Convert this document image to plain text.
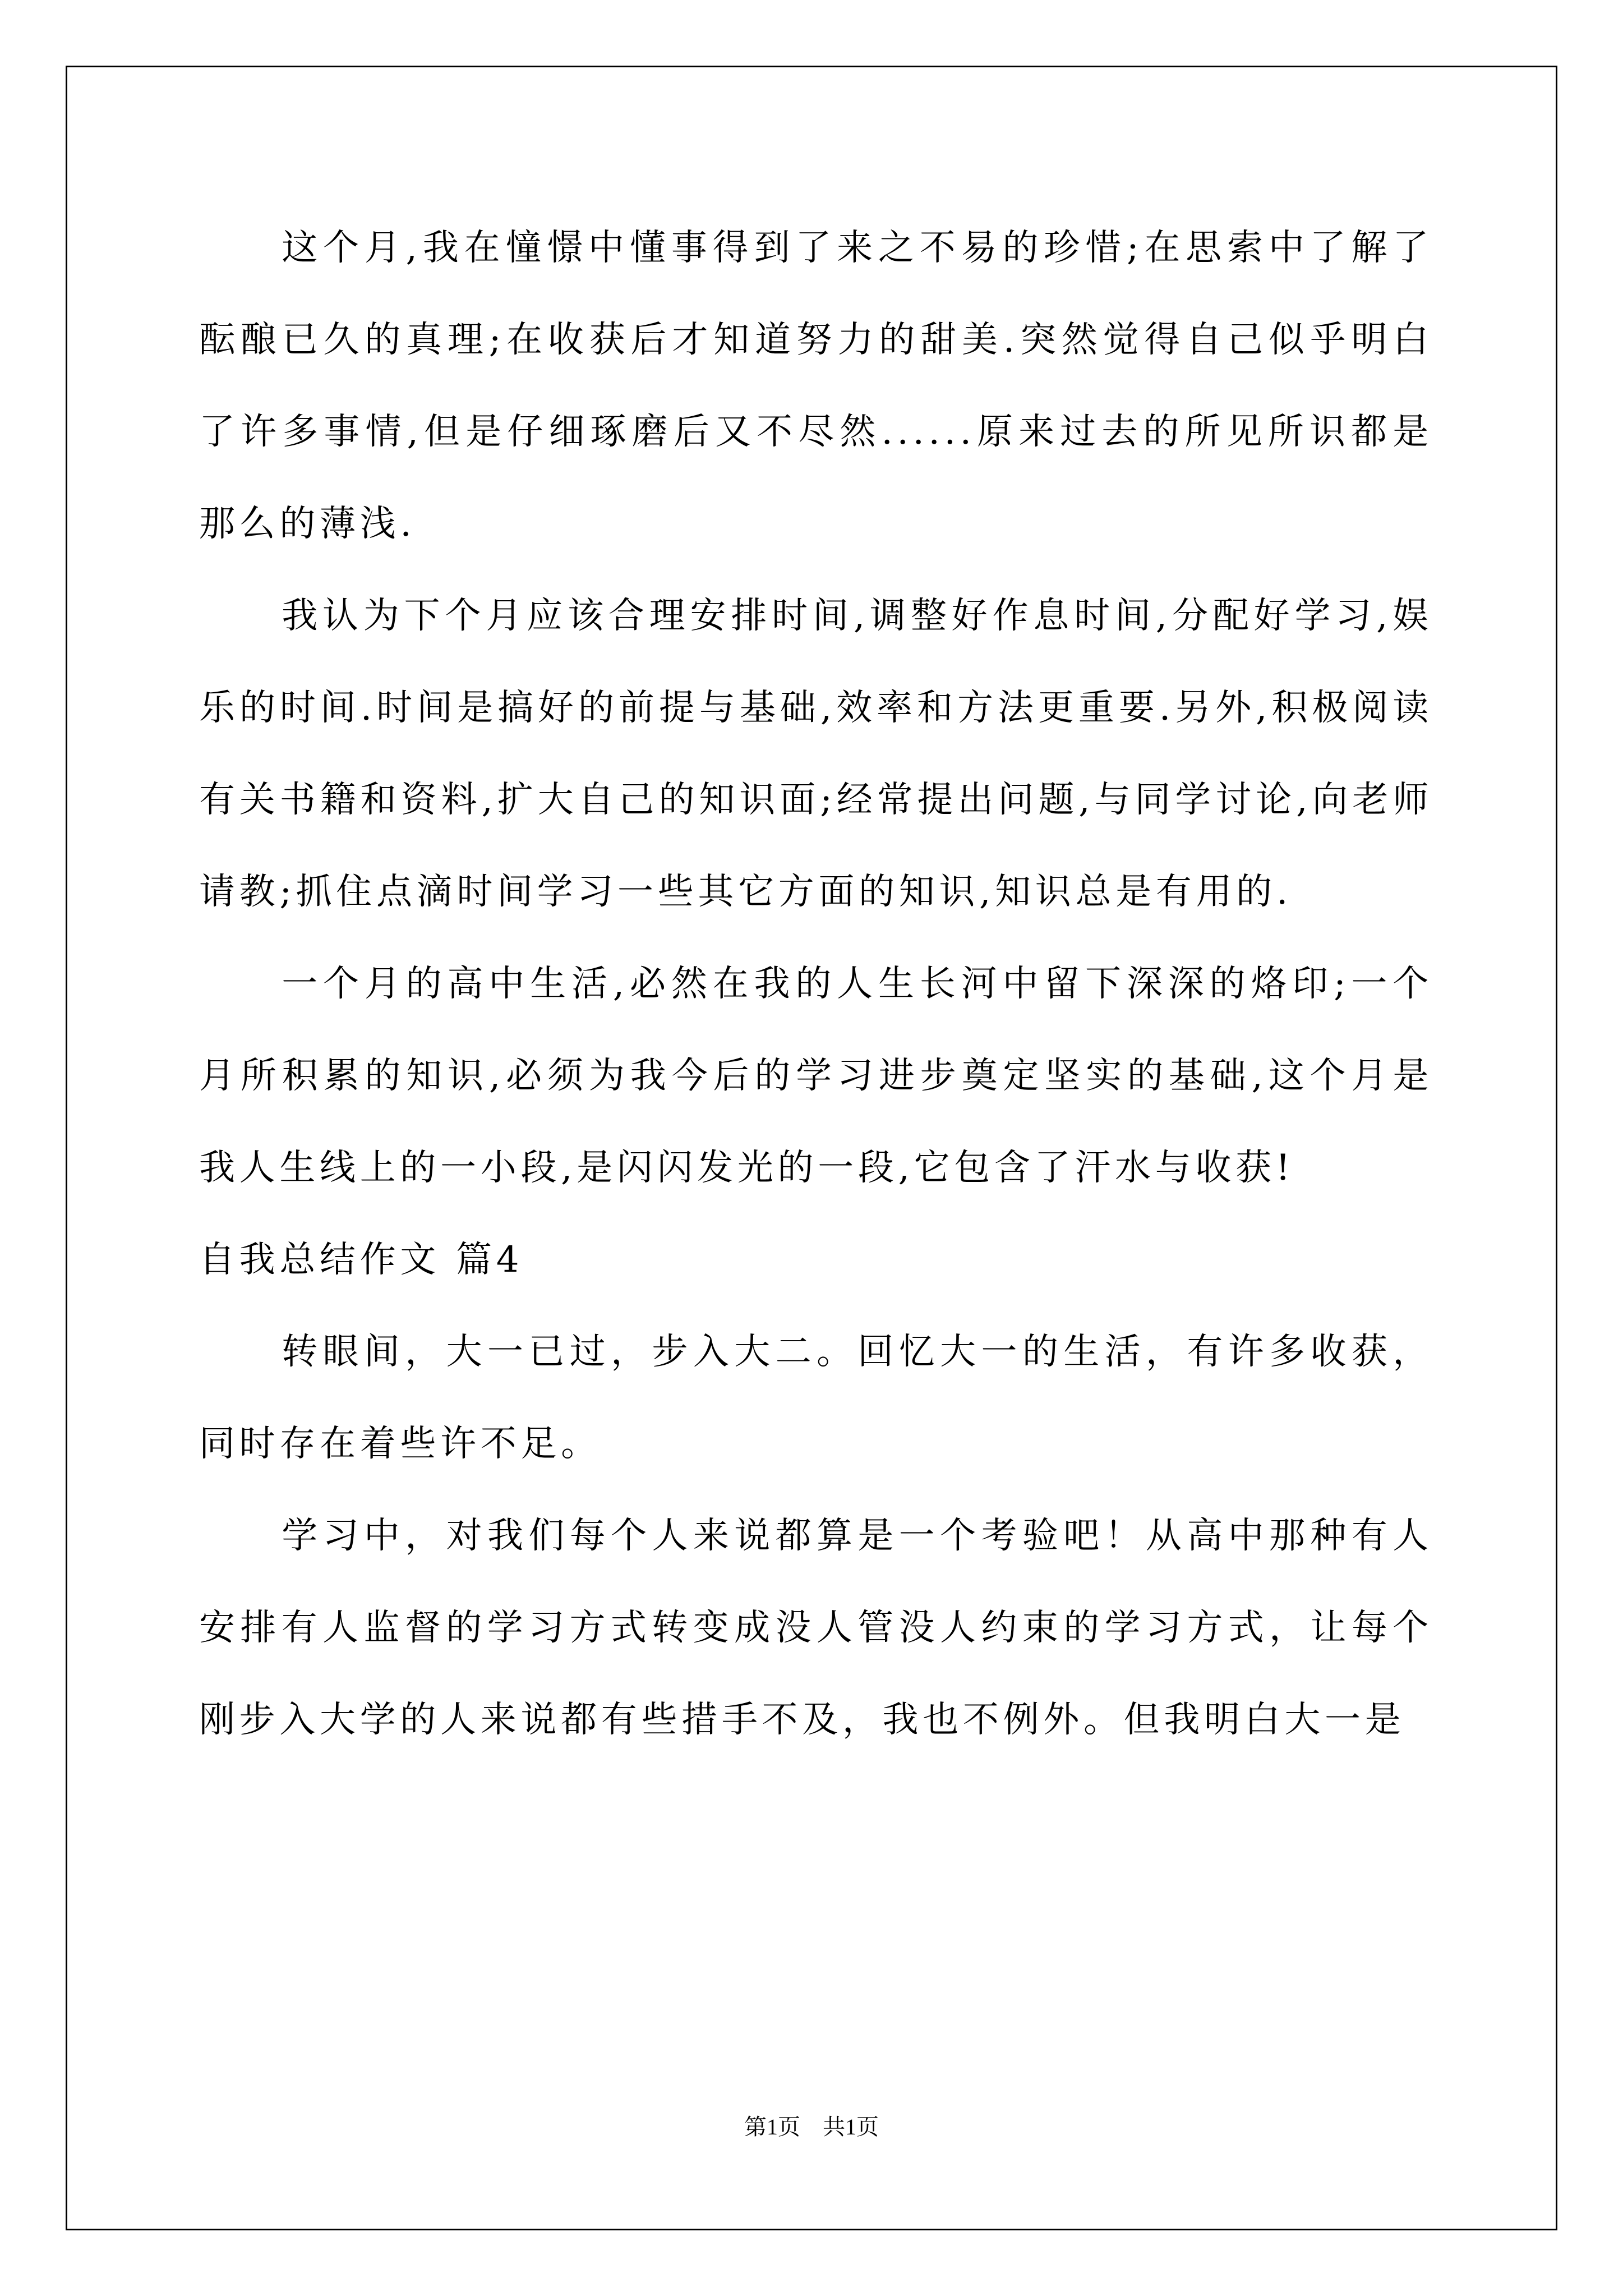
这个月,我在憧憬中懂事得到了来之不易的珍惜;在思索中了解了酝酿已久的真理;在收获后才知道努力的甜美.突然觉得自己似乎明白了许多事情,但是仔细琢磨后又不尽然......原来过去的所见所识都是那么的薄浅.

我认为下个月应该合理安排时间,调整好作息时间,分配好学习,娱乐的时间.时间是搞好的前提与基础,效率和方法更重要.另外,积极阅读有关书籍和资料,扩大自己的知识面;经常提出问题,与同学讨论,向老师请教;抓住点滴时间学习一些其它方面的知识,知识总是有用的.

一个月的高中生活,必然在我的人生长河中留下深深的烙印;一个月所积累的知识,必须为我今后的学习进步奠定坚实的基础,这个月是我人生线上的一小段,是闪闪发光的一段,它包含了汗水与收获!

自我总结作文 篇4

转眼间，大一已过，步入大二。回忆大一的生活，有许多收获，同时存在着些许不足。

学习中，对我们每个人来说都算是一个考验吧！从高中那种有人安排有人监督的学习方式转变成没人管没人约束的学习方式，让每个刚步入大学的人来说都有些措手不及，我也不例外。但我明白大一是

第1页　共1页
